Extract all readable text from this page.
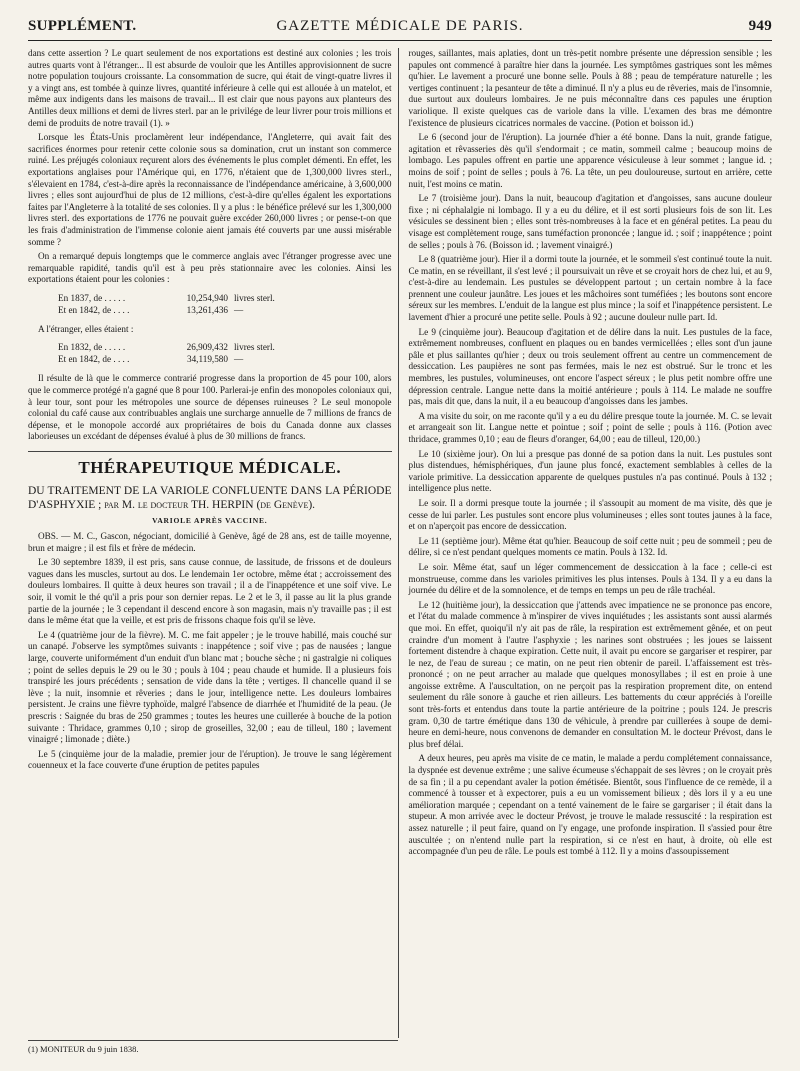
SUPPLÉMENT.	GAZETTE MÉDICALE DE PARIS.	949

dans cette assertion ? Le quart seulement de nos exportations est destiné aux colonies ; les trois autres quarts vont à l'étranger... Il est absurde de vouloir que les Antilles approvisionnent de sucre notre population toujours croissante. La consommation de sucre, qui était de vingt-quatre livres il y a vingt ans, est tombée à quinze livres, quantité inférieure à celle qui est allouée à un matelot, et même aux indigents dans les maisons de travail... Il est clair que nous payons aux planteurs des Antilles deux millions et demi de livres sterl. par an le privilége de leur livrer pour trois millions et demi de produits de notre travail (1). »

Lorsque les États-Unis proclamèrent leur indépendance, l'Angleterre, qui avait fait des sacrifices énormes pour retenir cette colonie sous sa domination, crut un instant son commerce ruiné. Les préjugés coloniaux reçurent alors des événements le plus complet démenti. En effet, les exportations anglaises pour l'Amérique qui, en 1776, n'étaient que de 1,300,000 livres sterl., s'élevaient en 1784, c'est-à-dire après la reconnaissance de l'indépendance américaine, à 3,600,000 livres ; elles sont aujourd'hui de plus de 12 millions, c'est-à-dire qu'elles égalent les exportations faites par l'Angleterre à la totalité de ses colonies. Il y a plus : le bénéfice prélevé sur les 1,300,000 livres sterl. des exportations de 1776 ne pouvait guère excéder 260,000 livres ; or pense-t-on que les frais d'administration de l'immense colonie aient jamais été couverts par une aussi misérable somme ?

On a remarqué depuis longtemps que le commerce anglais avec l'étranger progresse avec une remarquable rapidité, tandis qu'il est à peu près stationnaire avec les colonies. Ainsi les exportations étaient pour les colonies :

En 1837, de . . . . .	10,254,940 livres sterl.
Et en 1842, de . . . .	13,261,436 —

A l'étranger, elles étaient :

En 1832, de . . . . .	26,909,432 livres sterl.
Et en 1842, de . . . .	34,119,580 —

Il résulte de là que le commerce contrarié progresse dans la proportion de 45 pour 100, alors que le commerce protégé n'a gagné que 8 pour 100. Parlerai-je enfin des monopoles coloniaux qui, à leur tour, sont pour les métropoles une source de dépenses ruineuses ? Le seul monopole colonial du café cause aux contribuables anglais une surcharge annuelle de 7 millions de francs de dépense, et le monopole accordé aux propriétaires de bois du Canada donne aux classes laborieuses un excédant de dépenses évalué à plus de 30 millions de francs.

THÉRAPEUTIQUE MÉDICALE.
DU TRAITEMENT DE LA VARIOLE CONFLUENTE DANS LA PÉRIODE D'ASPHYXIE ; par M. le docteur TH. HERPIN (de Genève).
VARIOLE APRÈS VACCINE.

OBS. — M. C., Gascon, négociant, domicilié à Genève, âgé de 28 ans, est de taille moyenne, brun et maigre ; il est fils et frère de médecin.

Le 30 septembre 1839, il est pris, sans cause connue, de lassitude, de frissons et de douleurs vagues dans les muscles, surtout au dos. Le lendemain 1er octobre, même état ; accroissement des douleurs lombaires. Il quitte à deux heures son travail ; il a de l'inappétence et une soif vive. Le soir, il vomit le thé qu'il a pris pour son dernier repas. Le 2 et le 3, il passe au lit la plus grande partie de la journée ; le 3 cependant il descend encore à son magasin, mais n'y travaille pas ; il est dans le même état que la veille, et est pris de frissons chaque fois qu'il se lève.

Le 4 (quatrième jour de la fièvre). M. C. me fait appeler ; je le trouve habillé, mais couché sur un canapé. J'observe les symptômes suivants : inappétence ; soif vive ; pas de nausées ; langue large, couverte uniformément d'un enduit d'un blanc mat ; bouche sèche ; ni gastralgie ni coliques ; point de selles depuis le 29 ou le 30 ; pouls à 104 ; peau chaude et humide. Il a plusieurs fois transpiré les jours précédents ; sensation de vide dans la tête ; vertiges. Il chancelle quand il se lève ; la nuit, insomnie et rêveries ; dans le jour, intelligence nette. Les douleurs lombaires persistent. Je crains une fièvre typhoïde, malgré l'absence de diarrhée et l'humidité de la peau. (Je prescris : Saignée du bras de 250 grammes ; toutes les heures une cuillerée à bouche de la potion suivante : Thridace, grammes 0,10 ; sirop de groseilles, 32,00 ; eau de tilleul, 180 ; lavement vinaigré ; limonade ; diète.)

Le 5 (cinquième jour de la maladie, premier jour de l'éruption). Je trouve le sang légèrement couenneux et la face couverte d'une éruption de petites papules

rouges, saillantes, mais aplaties, dont un très-petit nombre présente une dépression sensible ; les papules ont commencé à paraître hier dans la journée. Les symptômes gastriques sont les mêmes qu'hier. Le lavement a procuré une bonne selle. Pouls à 88 ; peau de température naturelle ; les vertiges continuent ; la pesanteur de tête a diminué. Il n'y a plus eu de rêveries, mais de l'insomnie, due surtout aux douleurs lombaires. Je ne puis méconnaître dans ces papules une éruption variolique. Il existe quelques cas de variole dans la ville. L'examen des bras me démontre l'existence de plusieurs cicatrices normales de vaccine. (Potion et boisson id.)

Le 6 (second jour de l'éruption). La journée d'hier a été bonne. Dans la nuit, grande fatigue, agitation et rêvasseries dès qu'il s'endormait ; ce matin, sommeil calme ; beaucoup moins de lombago. Les papules offrent en partie une apparence vésiculeuse à leur sommet ; langue id. ; moins de soif ; point de selles ; pouls à 76. La tête, un peu douloureuse, surtout en arrière, cette nuit, l'est moins ce matin.

Le 7 (troisième jour). Dans la nuit, beaucoup d'agitation et d'angoisses, sans aucune douleur fixe ; ni céphalalgie ni lombago. Il y a eu du délire, et il est sorti plusieurs fois de son lit. Les vésicules se dessinent bien ; elles sont très-nombreuses à la face et en général petites. La peau du visage est complètement rouge, sans tuméfaction prononcée ; langue id. ; soif ; inappétence ; point de selles ; pouls à 76. (Boisson id. ; lavement vinaigré.)

Le 8 (quatrième jour). Hier il a dormi toute la journée, et le sommeil s'est continué toute la nuit. Ce matin, en se réveillant, il s'est levé ; il poursuivait un rêve et se croyait hors de chez lui, et au 9, c'est-à-dire au lendemain. Les pustules se développent partout ; un certain nombre à la face prennent une couleur jaunâtre. Les joues et les mâchoires sont tuméfiées ; les boutons sont encore séreux sur les membres. L'enduit de la langue est plus mince ; la soif et l'inappétence persistent. Le lavement d'hier a procuré une petite selle. Pouls à 92 ; aucune douleur nulle part. Id.

Le 9 (cinquième jour). Beaucoup d'agitation et de délire dans la nuit. Les pustules de la face, extrêmement nombreuses, confluent en plaques ou en bandes vermicellées ; elles sont d'un jaune pâle et plus saillantes qu'hier ; deux ou trois seulement offrent au centre un commencement de dessiccation. Les paupières ne sont pas fermées, mais le nez est obstrué. Sur le tronc et les membres, les pustules, volumineuses, ont encore l'aspect séreux ; le plus petit nombre offre une dépression centrale. Langue nette dans la moitié antérieure ; pouls à 114. Le malade ne souffre pas, mais dit que, dans la nuit, il a eu beaucoup d'angoisses dans les jambes.

A ma visite du soir, on me raconte qu'il y a eu du délire presque toute la journée. M. C. se levait et arrangeait son lit. Langue nette et pointue ; soif ; point de selle ; pouls à 116. (Potion avec thridace, grammes 0,10 ; eau de fleurs d'oranger, 64,00 ; eau de tilleul, 120,00.)

Le 10 (sixième jour). On lui a presque pas donné de sa potion dans la nuit. Les pustules sont plus distendues, hémisphériques, d'un jaune plus foncé, exactement semblables à celles de la variole primitive. La dessiccation apparente de quelques pustules n'a pas continué. Pouls à 132 ; intelligence plus nette.

Le soir. Il a dormi presque toute la journée ; il s'assoupit au moment de ma visite, dès que je cesse de lui parler. Les pustules sont encore plus volumineuses ; elles sont toutes jaunes à la face, et on n'aperçoit pas encore de dessiccation.

Le 11 (septième jour). Même état qu'hier. Beaucoup de soif cette nuit ; peu de sommeil ; peu de délire, si ce n'est pendant quelques moments ce matin. Pouls à 132. Id.

Le soir. Même état, sauf un léger commencement de dessiccation à la face ; celle-ci est monstrueuse, comme dans les varioles primitives les plus intenses. Pouls à 134. Il y a eu dans la journée du délire et de la somnolence, et de temps en temps un peu de râle trachéal.

Le 12 (huitième jour), la dessiccation que j'attends avec impatience ne se prononce pas encore, et l'état du malade commence à m'inspirer de vives inquiétudes ; les assistants sont aussi alarmés que moi. En effet, quoiqu'il n'y ait pas de râle, la respiration est extrêmement gênée, et on peut craindre d'un moment à l'autre l'asphyxie ; les narines sont obstruées ; les joues se laissent fortement distendre à chaque expiration. Cette nuit, il avait pu encore se gargariser et respirer, par le nez, de l'eau de sureau ; ce matin, on ne peut rien obtenir de pareil. L'affaissement est très-prononcé ; on ne peut arracher au malade que quelques monosyllabes ; il est en proie à une angoisse extrême. A l'auscultation, on ne perçoit pas la respiration proprement dite, on entend seulement du râle sonore à gauche et rien ailleurs. Les battements du cœur appréciés à l'oreille sont très-forts et entendus dans toute la partie antérieure de la poitrine ; pouls 124. Je prescris gram. 0,30 de tartre émétique dans 130 de véhicule, à prendre par cuillerées à soupe de demi-heure en demi-heure, nous convenons de demander en consultation M. le docteur Prévost, dans le plus bref délai.

A deux heures, peu après ma visite de ce matin, le malade a perdu complétement connaissance, la dyspnée est devenue extrême ; une salive écumeuse s'échappait de ses lèvres ; on le croyait près de sa fin ; il a pu cependant avaler la potion émétisée. Bientôt, sous l'influence de ce remède, il a commencé à tousser et à expectorer, puis a eu un vomissement bilieux ; dès lors il y a eu une amélioration marquée ; cependant on a tenté vainement de le faire se gargariser ; il était dans la stupeur. A mon arrivée avec le docteur Prévost, je trouve le malade ressuscité : la respiration est assez naturelle ; il peut faire, quand on l'y engage, une profonde inspiration. Il s'assied pour être auscultée ; on n'entend nulle part la respiration, si ce n'est en haut, à droite, où elle est accompagnée d'un peu de râle. Le pouls est tombé à 112. Il y a moins d'assoupissement

(1) MONITEUR du 9 juin 1838.
